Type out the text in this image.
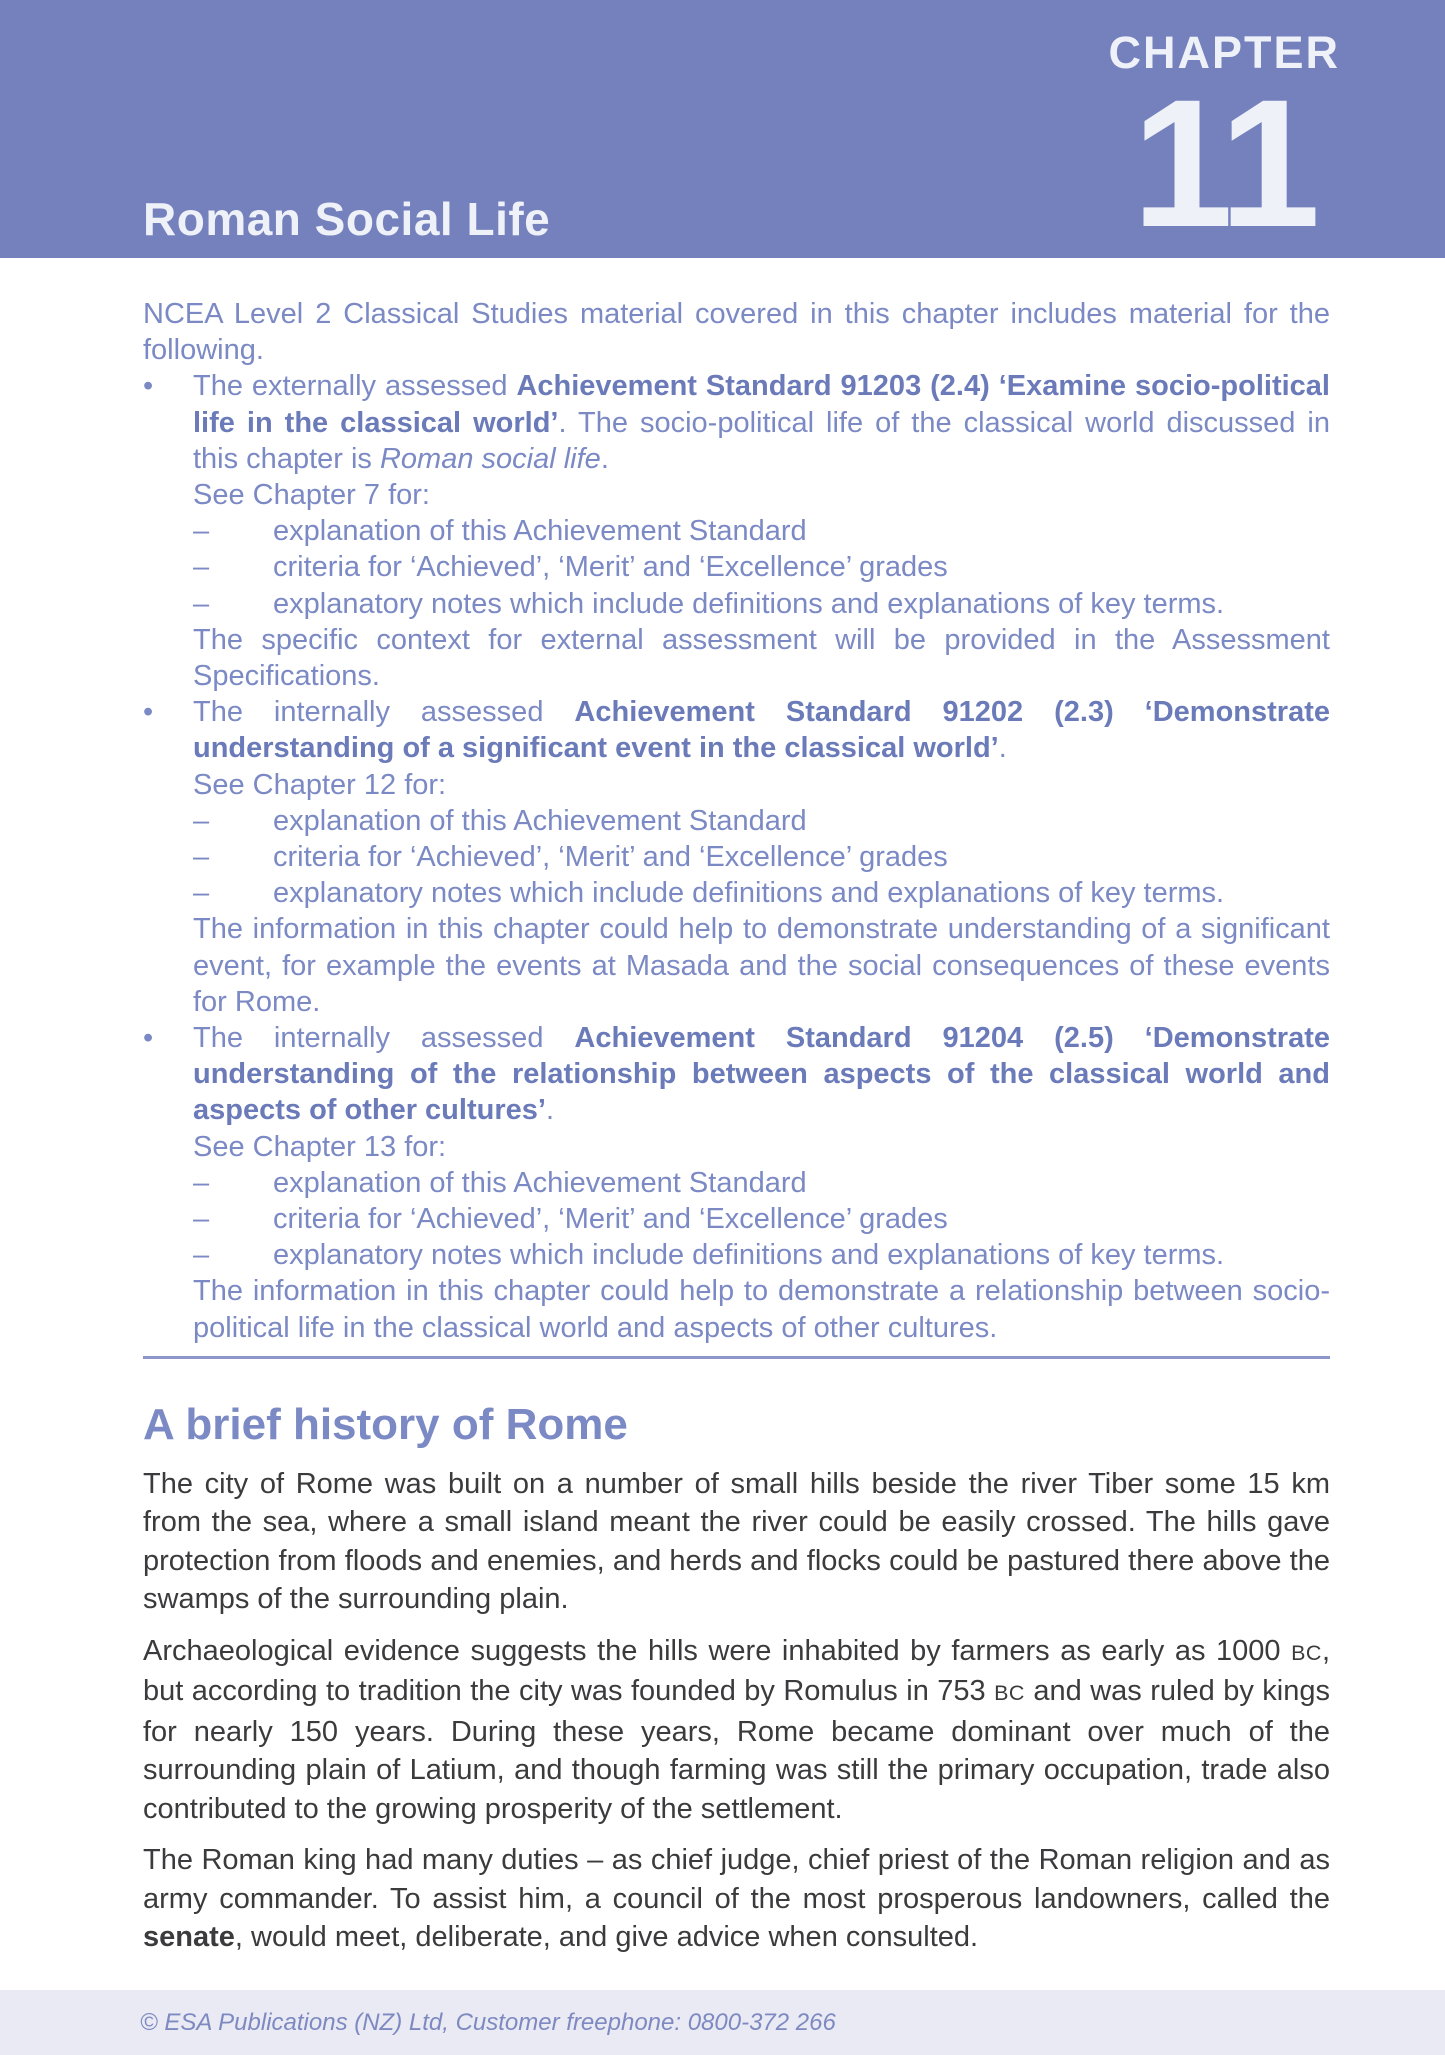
CHAPTER
11
Roman Social Life

NCEA Level 2 Classical Studies material covered in this chapter includes material for the following.

•	The externally assessed Achievement Standard 91203 (2.4) ‘Examine socio-political life in the classical world’. The socio-political life of the classical world discussed in this chapter is Roman social life.

See Chapter 7 for:

–	explanation of this Achievement Standard
–	criteria for ‘Achieved’, ‘Merit’ and ‘Excellence’ grades
–	explanatory notes which include definitions and explanations of key terms.

The specific context for external assessment will be provided in the Assessment Specifications.

•	The internally assessed Achievement Standard 91202 (2.3) ‘Demonstrate understanding of a significant event in the classical world’.

See Chapter 12 for:

–	explanation of this Achievement Standard
–	criteria for ‘Achieved’, ‘Merit’ and ‘Excellence’ grades
–	explanatory notes which include definitions and explanations of key terms.

The information in this chapter could help to demonstrate understanding of a significant event, for example the events at Masada and the social consequences of these events for Rome.

•	The internally assessed Achievement Standard 91204 (2.5) ‘Demonstrate understanding of the relationship between aspects of the classical world and aspects of other cultures’.

See Chapter 13 for:

–	explanation of this Achievement Standard
–	criteria for ‘Achieved’, ‘Merit’ and ‘Excellence’ grades
–	explanatory notes which include definitions and explanations of key terms.

The information in this chapter could help to demonstrate a relationship between socio-political life in the classical world and aspects of other cultures.

A brief history of Rome

The city of Rome was built on a number of small hills beside the river Tiber some 15 km from the sea, where a small island meant the river could be easily crossed. The hills gave protection from floods and enemies, and herds and flocks could be pastured there above the swamps of the surrounding plain.

Archaeological evidence suggests the hills were inhabited by farmers as early as 1000 BC, but according to tradition the city was founded by Romulus in 753 BC and was ruled by kings for nearly 150 years. During these years, Rome became dominant over much of the surrounding plain of Latium, and though farming was still the primary occupation, trade also contributed to the growing prosperity of the settlement.

The Roman king had many duties – as chief judge, chief priest of the Roman religion and as army commander. To assist him, a council of the most prosperous landowners, called the senate, would meet, deliberate, and give advice when consulted.

© ESA Publications (NZ) Ltd, Customer freephone: 0800-372 266
